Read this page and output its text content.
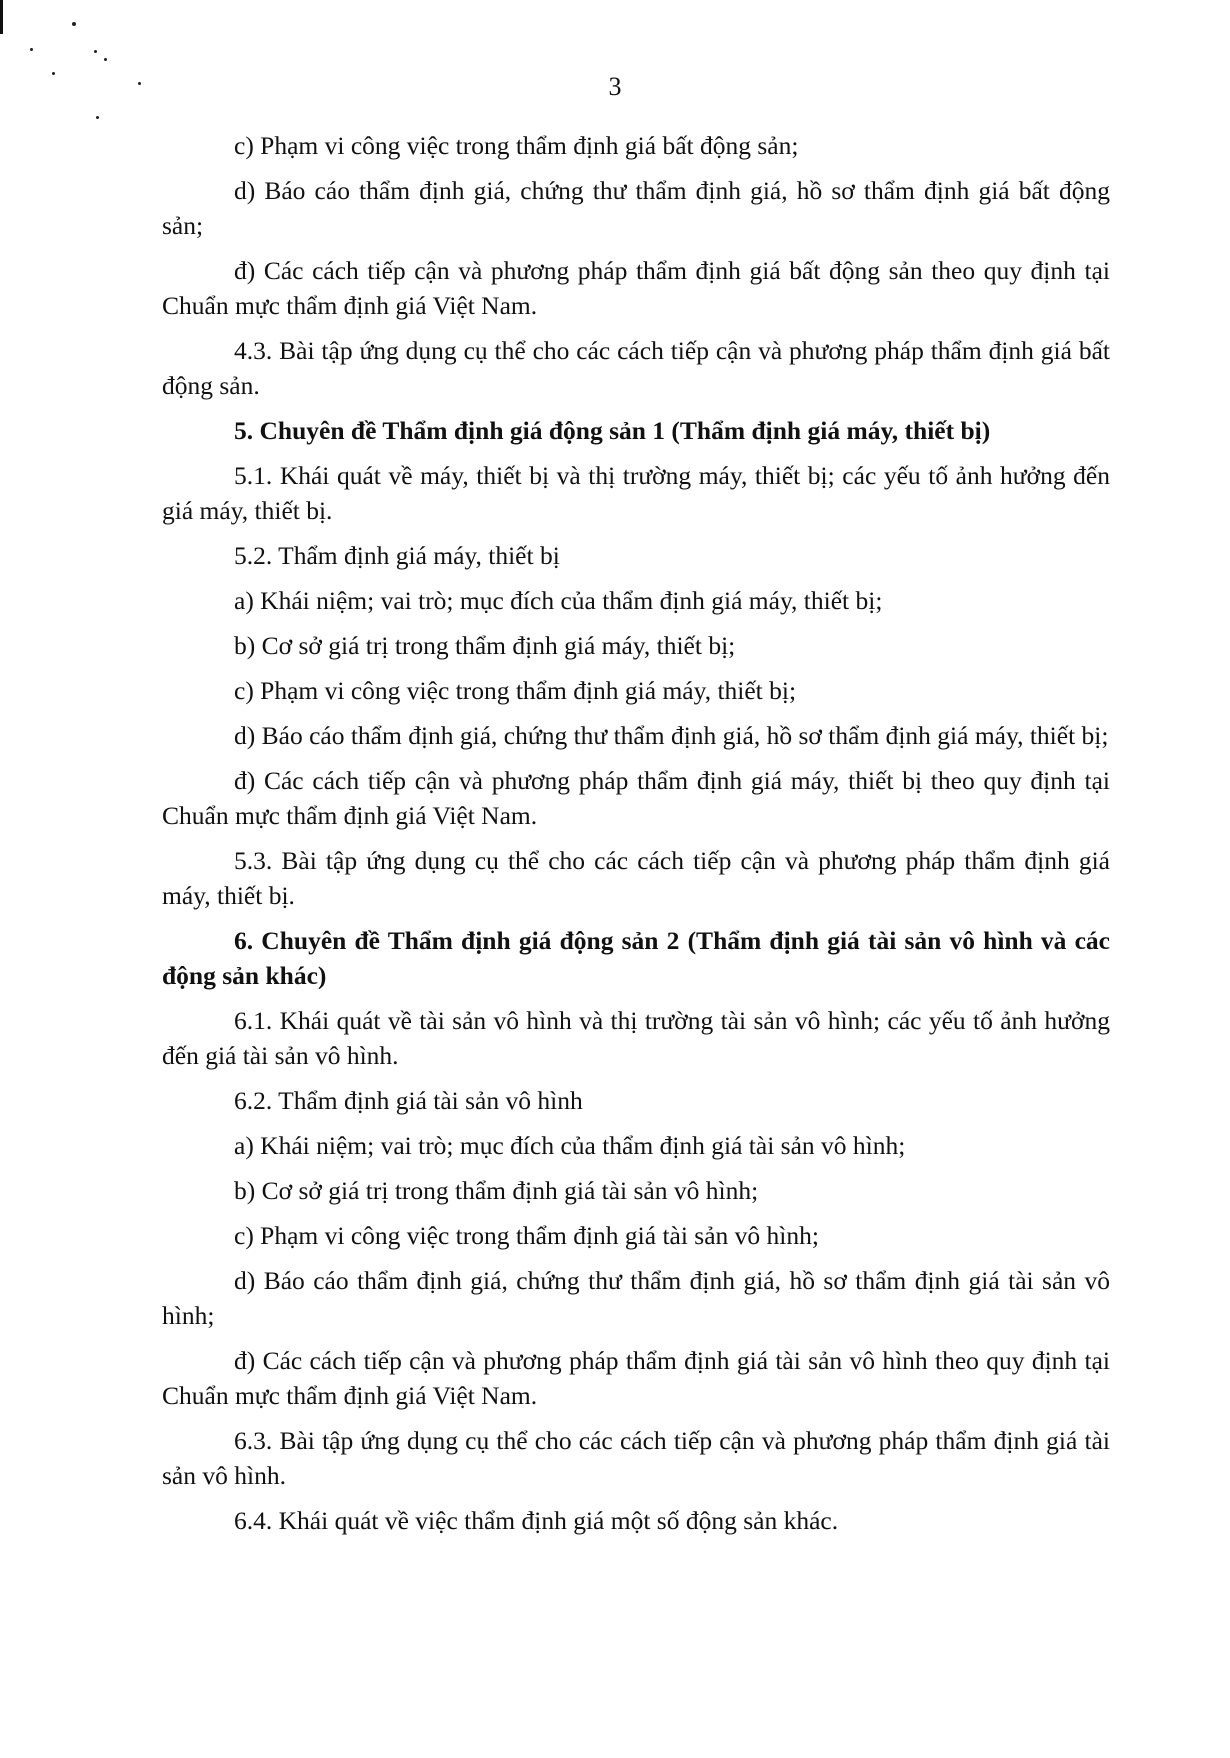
3

c) Phạm vi công việc trong thẩm định giá bất động sản;

d) Báo cáo thẩm định giá, chứng thư thẩm định giá, hồ sơ thẩm định giá bất động sản;

đ) Các cách tiếp cận và phương pháp thẩm định giá bất động sản theo quy định tại Chuẩn mực thẩm định giá Việt Nam.

4.3. Bài tập ứng dụng cụ thể cho các cách tiếp cận và phương pháp thẩm định giá bất động sản.

5. Chuyên đề Thẩm định giá động sản 1 (Thẩm định giá máy, thiết bị)

5.1. Khái quát về máy, thiết bị và thị trường máy, thiết bị; các yếu tố ảnh hưởng đến giá máy, thiết bị.

5.2. Thẩm định giá máy, thiết bị

a) Khái niệm; vai trò; mục đích của thẩm định giá máy, thiết bị;

b) Cơ sở giá trị trong thẩm định giá máy, thiết bị;

c) Phạm vi công việc trong thẩm định giá máy, thiết bị;

d) Báo cáo thẩm định giá, chứng thư thẩm định giá, hồ sơ thẩm định giá máy, thiết bị;

đ) Các cách tiếp cận và phương pháp thẩm định giá máy, thiết bị theo quy định tại Chuẩn mực thẩm định giá Việt Nam.

5.3. Bài tập ứng dụng cụ thể cho các cách tiếp cận và phương pháp thẩm định giá máy, thiết bị.

6. Chuyên đề Thẩm định giá động sản 2 (Thẩm định giá tài sản vô hình và các động sản khác)

6.1. Khái quát về tài sản vô hình và thị trường tài sản vô hình; các yếu tố ảnh hưởng đến giá tài sản vô hình.

6.2. Thẩm định giá tài sản vô hình

a) Khái niệm; vai trò; mục đích của thẩm định giá tài sản vô hình;

b) Cơ sở giá trị trong thẩm định giá tài sản vô hình;

c) Phạm vi công việc trong thẩm định giá tài sản vô hình;

d) Báo cáo thẩm định giá, chứng thư thẩm định giá, hồ sơ thẩm định giá tài sản vô hình;

đ) Các cách tiếp cận và phương pháp thẩm định giá tài sản vô hình theo quy định tại Chuẩn mực thẩm định giá Việt Nam.

6.3. Bài tập ứng dụng cụ thể cho các cách tiếp cận và phương pháp thẩm định giá tài sản vô hình.

6.4. Khái quát về việc thẩm định giá một số động sản khác.
